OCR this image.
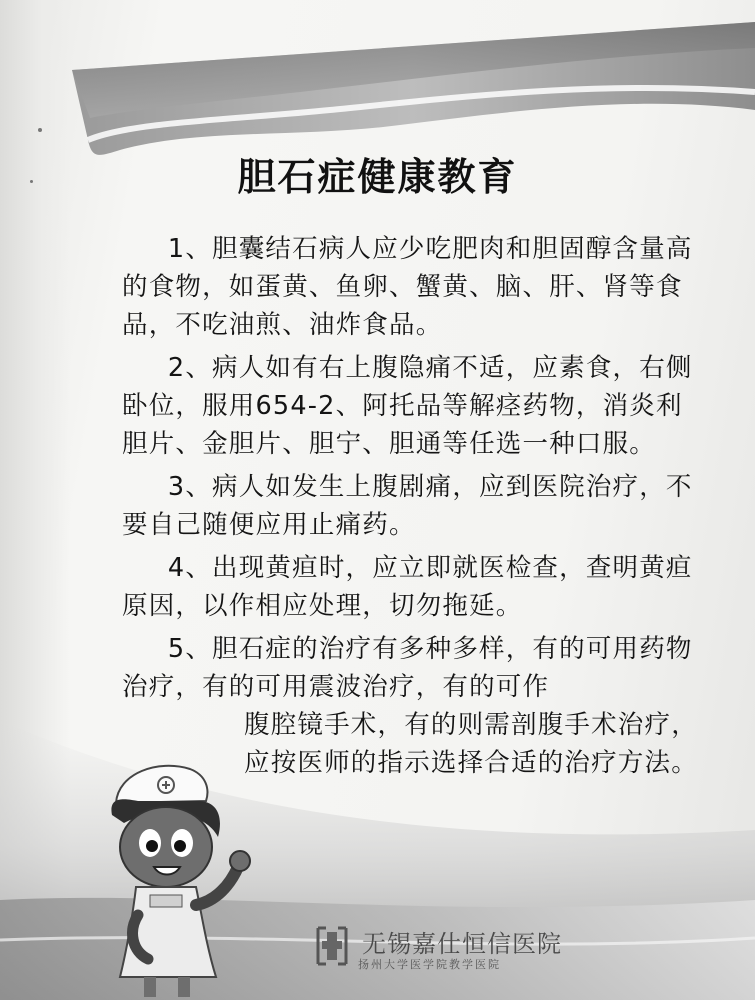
胆石症健康教育

1、胆囊结石病人应少吃肥肉和胆固醇含量高的食物，如蛋黄、鱼卵、蟹黄、脑、肝、肾等食品，不吃油煎、油炸食品。

2、病人如有右上腹隐痛不适，应素食，右侧卧位，服用654-2、阿托品等解痉药物，消炎利胆片、金胆片、胆宁、胆通等任选一种口服。

3、病人如发生上腹剧痛，应到医院治疗，不要自己随便应用止痛药。

4、出现黄疸时，应立即就医检查，查明黄疸原因，以作相应处理，切勿拖延。

5、胆石症的治疗有多种多样，有的可用药物治疗，有的可用震波治疗，有的可作
腹腔镜手术，有的则需剖腹手术治疗，应按医师的指示选择合适的治疗方法。

无锡嘉仕恒信医院
扬州大学医学院教学医院
